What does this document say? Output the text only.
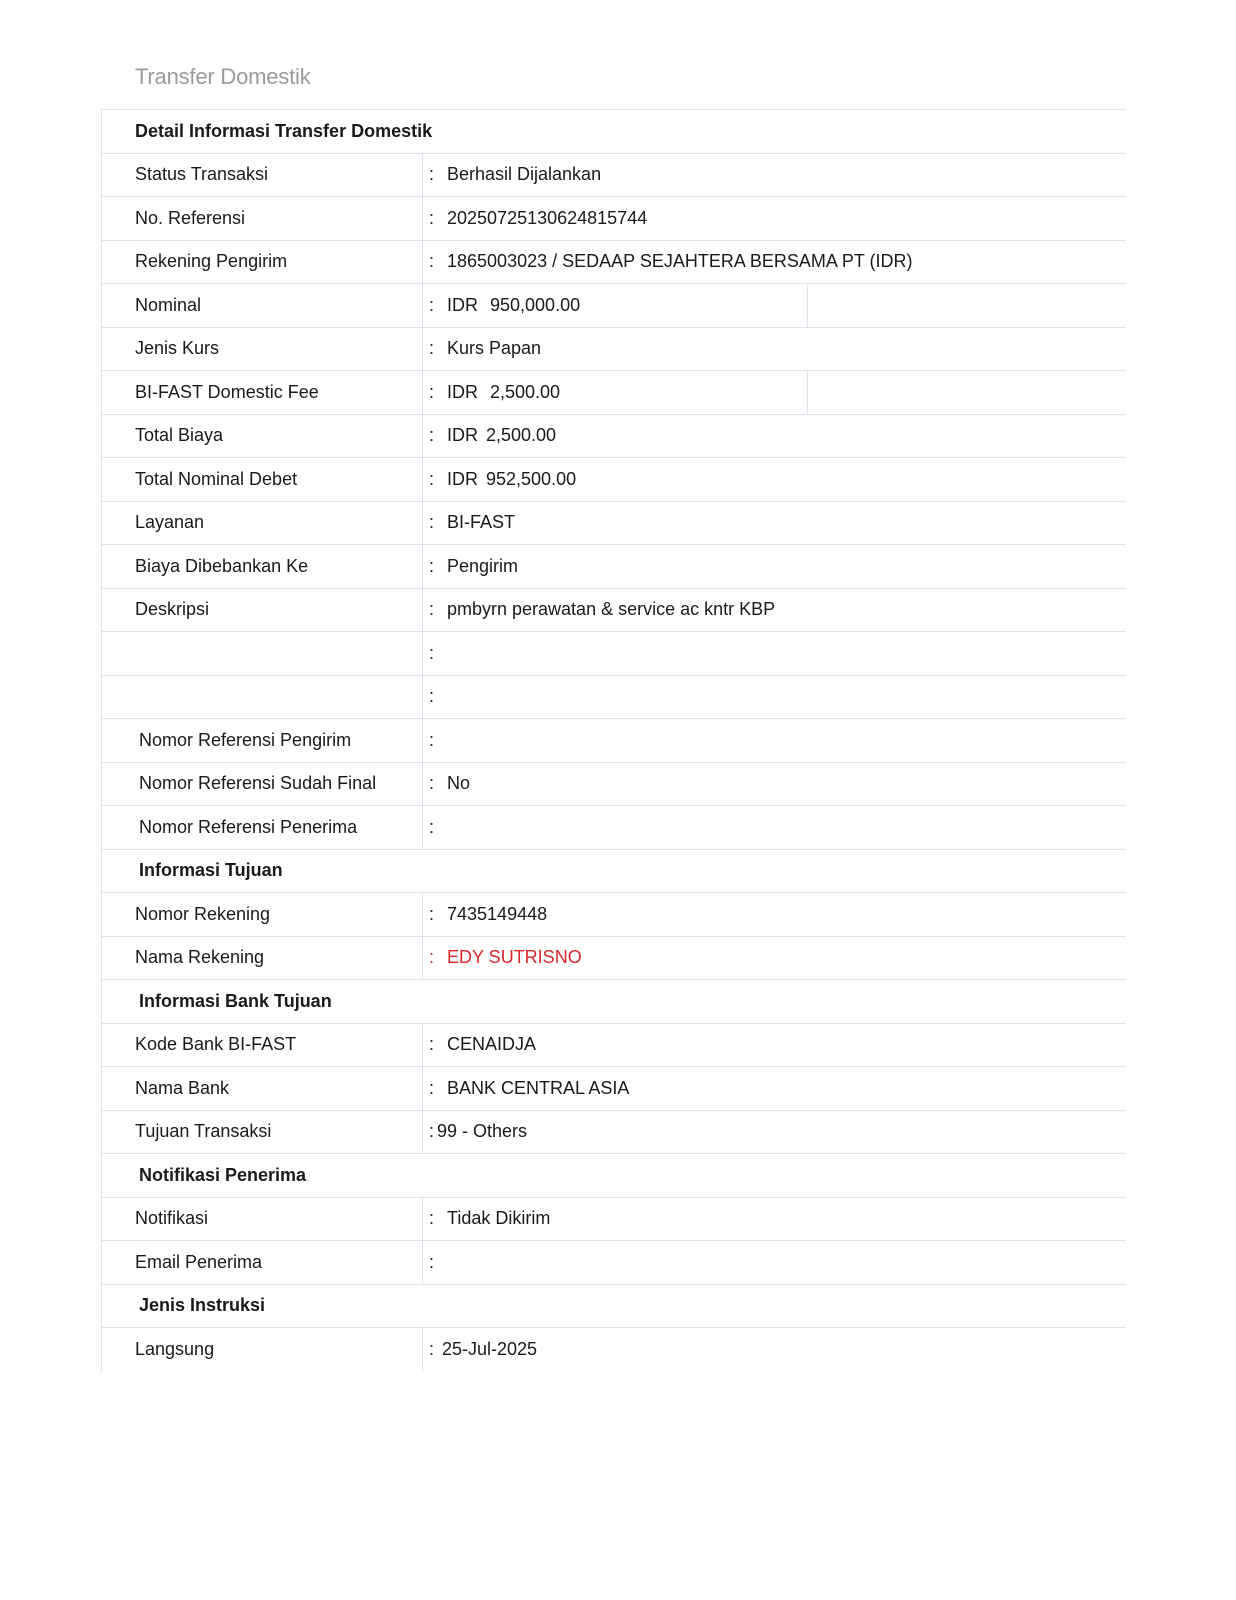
Transfer Domestik
Detail Informasi Transfer Domestik
Status Transaksi	: Berhasil Dijalankan
No. Referensi	: 20250725130624815744
Rekening Pengirim	: 1865003023 / SEDAAP SEJAHTERA BERSAMA PT (IDR)
Nominal	: IDR 950,000.00
Jenis Kurs	: Kurs Papan
BI-FAST Domestic Fee	: IDR 2,500.00
Total Biaya	: IDR 2,500.00
Total Nominal Debet	: IDR 952,500.00
Layanan	: BI-FAST
Biaya Dibebankan Ke	: Pengirim
Deskripsi	: pmbyrn perawatan & service ac kntr KBP
:
:
Nomor Referensi Pengirim	:
Nomor Referensi Sudah Final	: No
Nomor Referensi Penerima	:
Informasi Tujuan
Nomor Rekening	: 7435149448
Nama Rekening	: EDY SUTRISNO
Informasi Bank Tujuan
Kode Bank BI-FAST	: CENAIDJA
Nama Bank	: BANK CENTRAL ASIA
Tujuan Transaksi	: 99 - Others
Notifikasi Penerima
Notifikasi	: Tidak Dikirim
Email Penerima	:
Jenis Instruksi
Langsung	: 25-Jul-2025
